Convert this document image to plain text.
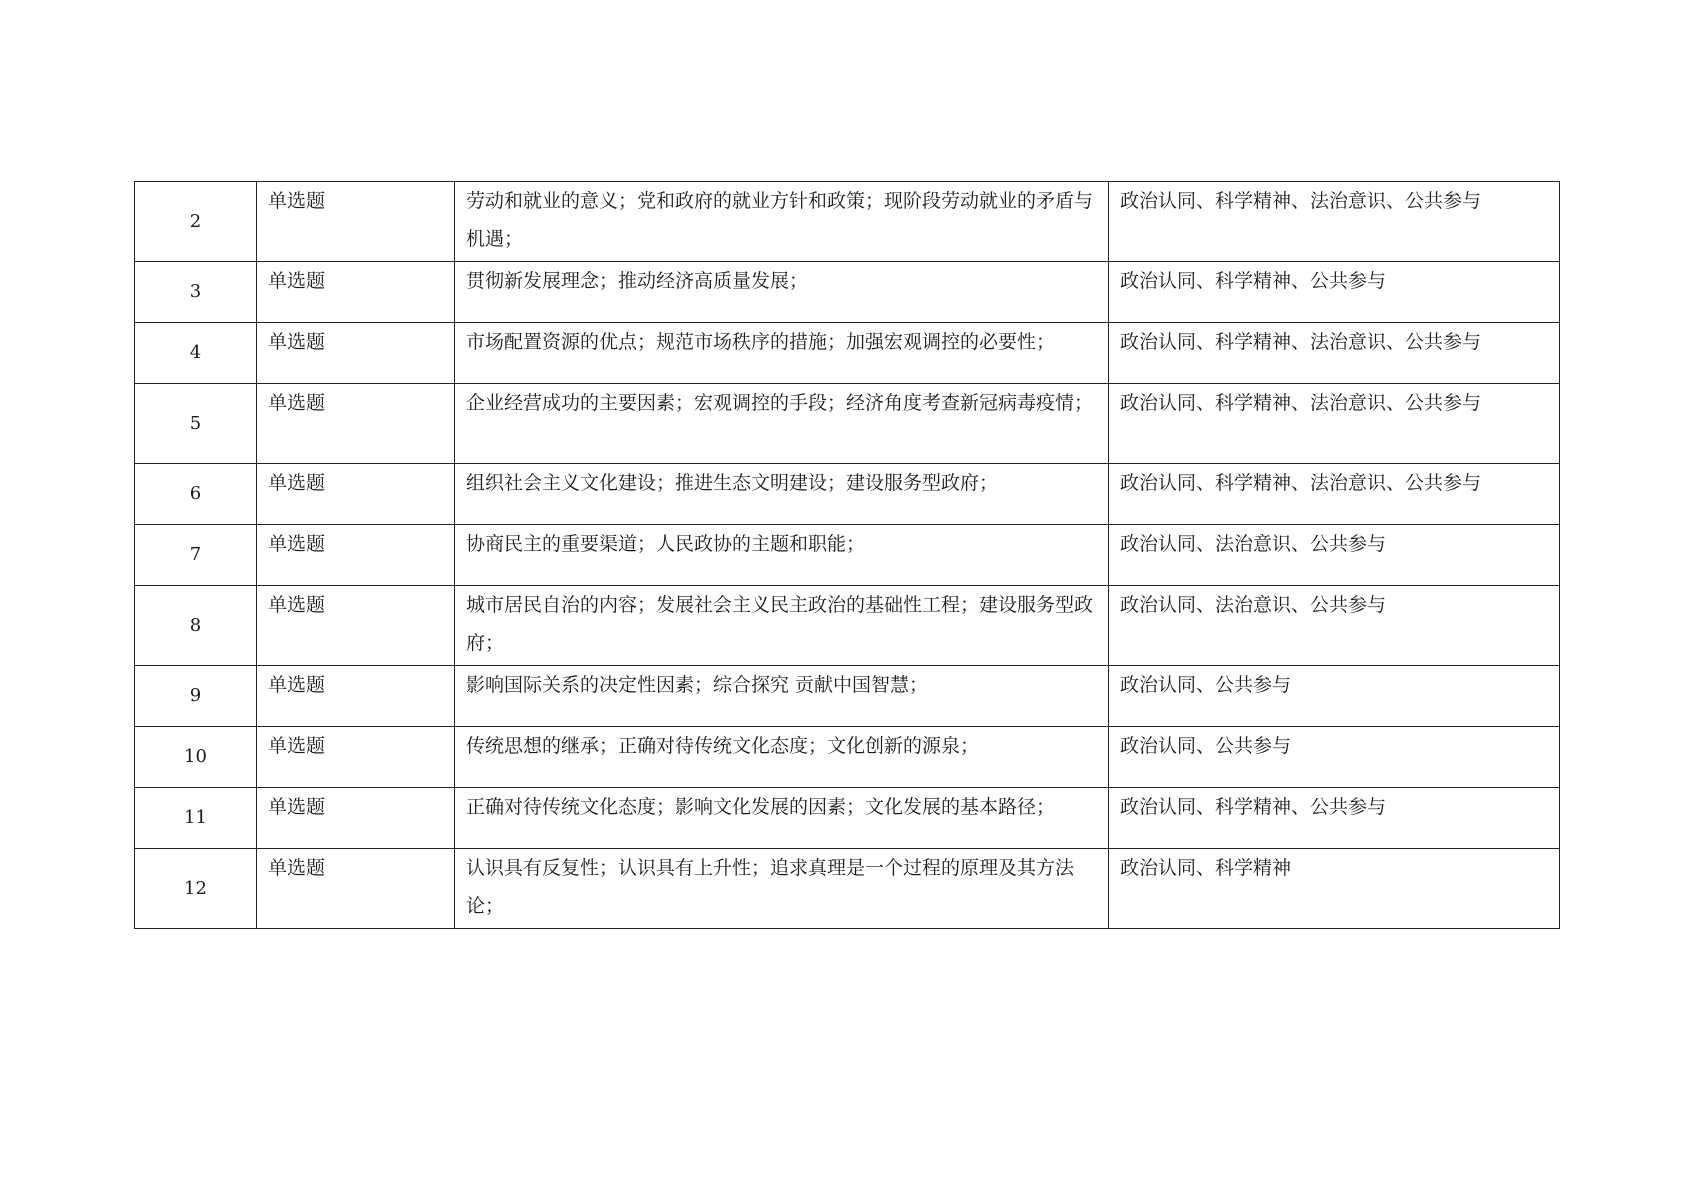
2	单选题	劳动和就业的意义；党和政府的就业方针和政策；现阶段劳动就业的矛盾与机遇；	政治认同、科学精神、法治意识、公共参与
3	单选题	贯彻新发展理念；推动经济高质量发展；	政治认同、科学精神、公共参与
4	单选题	市场配置资源的优点；规范市场秩序的措施；加强宏观调控的必要性；	政治认同、科学精神、法治意识、公共参与
5	单选题	企业经营成功的主要因素；宏观调控的手段；经济角度考查新冠病毒疫情；	政治认同、科学精神、法治意识、公共参与
6	单选题	组织社会主义文化建设；推进生态文明建设；建设服务型政府；	政治认同、科学精神、法治意识、公共参与
7	单选题	协商民主的重要渠道；人民政协的主题和职能；	政治认同、法治意识、公共参与
8	单选题	城市居民自治的内容；发展社会主义民主政治的基础性工程；建设服务型政府；	政治认同、法治意识、公共参与
9	单选题	影响国际关系的决定性因素；综合探究 贡献中国智慧；	政治认同、公共参与
10	单选题	传统思想的继承；正确对待传统文化态度；文化创新的源泉；	政治认同、公共参与
11	单选题	正确对待传统文化态度；影响文化发展的因素；文化发展的基本路径；	政治认同、科学精神、公共参与
12	单选题	认识具有反复性；认识具有上升性；追求真理是一个过程的原理及其方法论；	政治认同、科学精神
